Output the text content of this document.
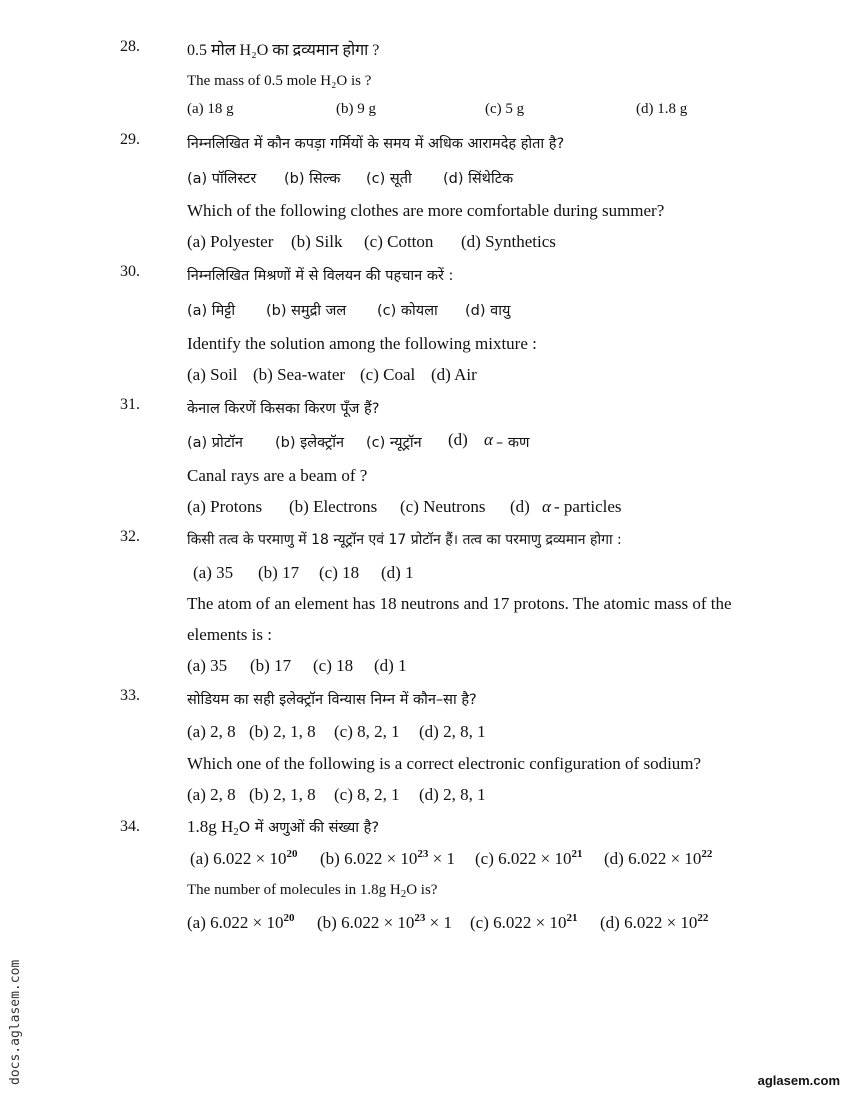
28.	0.5 मोल H₂O का द्रव्यमान होगा ?
The mass of 0.5 mole H₂O is ?
(a) 18 g	(b) 9 g	(c) 5 g	(d) 1.8 g
29.	निम्नलिखित में कौन कपड़ा गर्मियों के समय में अधिक आरामदेह होता है?
(a) पॉलिस्टर (b) सिल्क (c) सूती (d) सिंथेटिक
Which of the following clothes are more comfortable during summer?
(a) Polyester (b) Silk (c) Cotton (d) Synthetics
30.	निम्नलिखित मिश्रणों में से विलयन की पहचान करें :
(a) मिट्टी (b) समुद्री जल (c) कोयला (d) वायु
Identify the solution among the following mixture :
(a) Soil (b) Sea-water (c) Coal (d) Air
31.	केनाल किरणें किसका किरण पूँज हैं?
(a) प्रोटॉन (b) इलेक्ट्रॉन (c) न्यूट्रॉन (d) α – कण
Canal rays are a beam of ?
(a) Protons (b) Electrons (c) Neutrons (d) α - particles
32.	किसी तत्व के परमाणु में 18 न्यूट्रॉन एवं 17 प्रोटॉन हैं। तत्व का परमाणु द्रव्यमान होगा :
(a) 35 (b) 17 (c) 18 (d) 1
The atom of an element has 18 neutrons and 17 protons. The atomic mass of the
elements is :
(a) 35 (b) 17 (c) 18 (d) 1
33.	सोडियम का सही इलेक्ट्रॉन विन्यास निम्न में कौन–सा है?
(a) 2, 8 (b) 2, 1, 8 (c) 8, 2, 1 (d) 2, 8, 1
Which one of the following is a correct electronic configuration of sodium?
(a) 2, 8 (b) 2, 1, 8 (c) 8, 2, 1 (d) 2, 8, 1
34.	1.8g $H_2O$ में अणुओं की संख्या है?
(a) $6.022 \times 10^{20}$ (b) $6.022 \times 10^{23} \times 1$ (c) $6.022 \times 10^{21}$ (d) $6.022 \times 10^{22}$
The number of molecules in 1.8g $H_2O$ is?
(a) $6.022 \times 10^{20}$ (b) $6.022 \times 10^{23} \times 1$ (c) $6.022 \times 10^{21}$ (d) $6.022 \times 10^{22}$
docs.aglasem.com	aglasem.com
